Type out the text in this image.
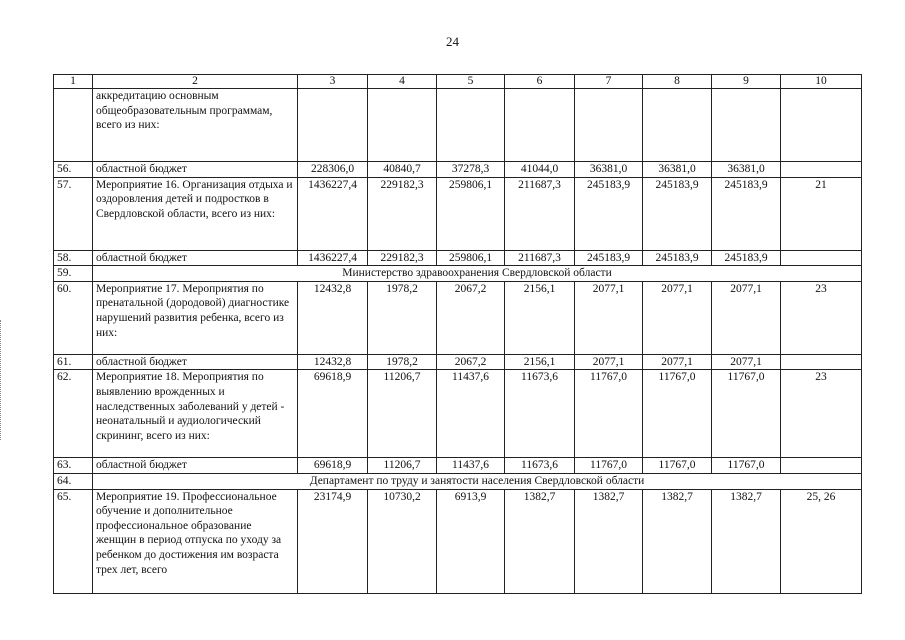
24
1	2	3	4	5	6	7	8	9	10
	аккредитацию основным общеобразовательным программам, всего из них:								
56.	областной бюджет	228306,0	40840,7	37278,3	41044,0	36381,0	36381,0	36381,0	
57.	Мероприятие 16. Организация отдыха и оздоровления детей и подростков в Свердловской области, всего из них:	1436227,4	229182,3	259806,1	211687,3	245183,9	245183,9	245183,9	21
58.	областной бюджет	1436227,4	229182,3	259806,1	211687,3	245183,9	245183,9	245183,9	
59.	Министерство здравоохранения Свердловской области								
60.	Мероприятие 17. Мероприятия по пренатальной (дородовой) диагностике нарушений развития ребенка, всего из них:	12432,8	1978,2	2067,2	2156,1	2077,1	2077,1	2077,1	23
61.	областной бюджет	12432,8	1978,2	2067,2	2156,1	2077,1	2077,1	2077,1	
62.	Мероприятие 18. Мероприятия по выявлению врожденных и наследственных заболеваний у детей - неонатальный и аудиологический скрининг, всего из них:	69618,9	11206,7	11437,6	11673,6	11767,0	11767,0	11767,0	23
63.	областной бюджет	69618,9	11206,7	11437,6	11673,6	11767,0	11767,0	11767,0	
64.	Департамент по труду и занятости населения Свердловской области								
65.	Мероприятие 19. Профессиональное обучение и дополнительное профессиональное образование женщин в период отпуска по уходу за ребенком до достижения им возраста трех лет, всего	23174,9	10730,2	6913,9	1382,7	1382,7	1382,7	1382,7	25, 26
